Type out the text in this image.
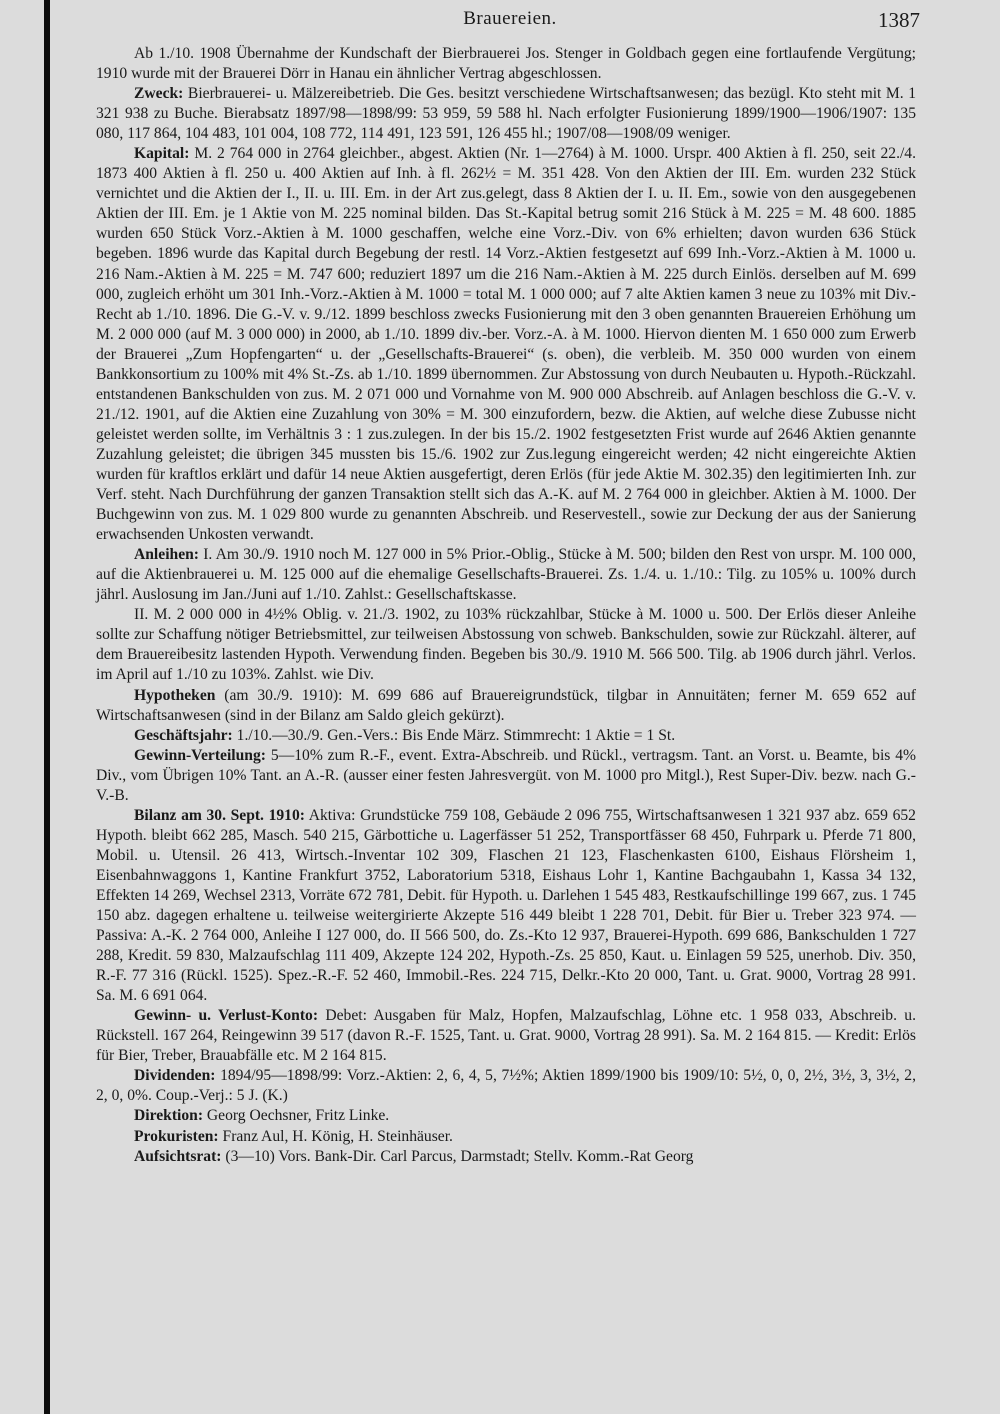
Brauereien.	1387

Ab 1./10. 1908 Übernahme der Kundschaft der Bierbrauerei Jos. Stenger in Goldbach gegen eine fortlaufende Vergütung; 1910 wurde mit der Brauerei Dörr in Hanau ein ähnlicher Vertrag abgeschlossen.

Zweck: Bierbrauerei- u. Mälzereibetrieb. Die Ges. besitzt verschiedene Wirtschaftsanwesen; das bezügl. Kto steht mit M. 1 321 938 zu Buche. Bierabsatz 1897/98—1898/99: 53 959, 59 588 hl. Nach erfolgter Fusionierung 1899/1900—1906/1907: 135 080, 117 864, 104 483, 101 004, 108 772, 114 491, 123 591, 126 455 hl.; 1907/08—1908/09 weniger.

Kapital: M. 2 764 000 in 2764 gleichber., abgest. Aktien (Nr. 1—2764) à M. 1000. Urspr. 400 Aktien à fl. 250, seit 22./4. 1873 400 Aktien à fl. 250 u. 400 Aktien auf Inh. à fl. 262½ = M. 351 428. Von den Aktien der III. Em. wurden 232 Stück vernichtet und die Aktien der I., II. u. III. Em. in der Art zus.gelegt, dass 8 Aktien der I. u. II. Em., sowie von den ausgegebenen Aktien der III. Em. je 1 Aktie von M. 225 nominal bilden. Das St.-Kapital betrug somit 216 Stück à M. 225 = M. 48 600. 1885 wurden 650 Stück Vorz.-Aktien à M. 1000 geschaffen, welche eine Vorz.-Div. von 6% erhielten; davon wurden 636 Stück begeben. 1896 wurde das Kapital durch Begebung der restl. 14 Vorz.-Aktien festgesetzt auf 699 Inh.-Vorz.-Aktien à M. 1000 u. 216 Nam.-Aktien à M. 225 = M. 747 600; reduziert 1897 um die 216 Nam.-Aktien à M. 225 durch Einlös. derselben auf M. 699 000, zugleich erhöht um 301 Inh.-Vorz.-Aktien à M. 1000 = total M. 1 000 000; auf 7 alte Aktien kamen 3 neue zu 103% mit Div.-Recht ab 1./10. 1896. Die G.-V. v. 9./12. 1899 beschloss zwecks Fusionierung mit den 3 oben genannten Brauereien Erhöhung um M. 2 000 000 (auf M. 3 000 000) in 2000, ab 1./10. 1899 div.-ber. Vorz.-A. à M. 1000. Hiervon dienten M. 1 650 000 zum Erwerb der Brauerei „Zum Hopfengarten“ u. der „Gesellschafts-Brauerei“ (s. oben), die verbleib. M. 350 000 wurden von einem Bankkonsortium zu 100% mit 4% St.-Zs. ab 1./10. 1899 übernommen. Zur Abstossung von durch Neubauten u. Hypoth.-Rückzahl. entstandenen Bankschulden von zus. M. 2 071 000 und Vornahme von M. 900 000 Abschreib. auf Anlagen beschloss die G.-V. v. 21./12. 1901, auf die Aktien eine Zuzahlung von 30% = M. 300 einzufordern, bezw. die Aktien, auf welche diese Zubusse nicht geleistet werden sollte, im Verhältnis 3 : 1 zus.zulegen. In der bis 15./2. 1902 festgesetzten Frist wurde auf 2646 Aktien genannte Zuzahlung geleistet; die übrigen 345 mussten bis 15./6. 1902 zur Zus.legung eingereicht werden; 42 nicht eingereichte Aktien wurden für kraftlos erklärt und dafür 14 neue Aktien ausgefertigt, deren Erlös (für jede Aktie M. 302.35) den legitimierten Inh. zur Verf. steht. Nach Durchführung der ganzen Transaktion stellt sich das A.-K. auf M. 2 764 000 in gleichber. Aktien à M. 1000. Der Buchgewinn von zus. M. 1 029 800 wurde zu genannten Abschreib. und Reservestell., sowie zur Deckung der aus der Sanierung erwachsenden Unkosten verwandt.

Anleihen: I. Am 30./9. 1910 noch M. 127 000 in 5% Prior.-Oblig., Stücke à M. 500; bilden den Rest von urspr. M. 100 000, auf die Aktienbrauerei u. M. 125 000 auf die ehemalige Gesellschafts-Brauerei. Zs. 1./4. u. 1./10.: Tilg. zu 105% u. 100% durch jährl. Auslosung im Jan./Juni auf 1./10. Zahlst.: Gesellschaftskasse.

II. M. 2 000 000 in 4½% Oblig. v. 21./3. 1902, zu 103% rückzahlbar, Stücke à M. 1000 u. 500. Der Erlös dieser Anleihe sollte zur Schaffung nötiger Betriebsmittel, zur teilweisen Abstossung von schweb. Bankschulden, sowie zur Rückzahl. älterer, auf dem Brauereibesitz lastenden Hypoth. Verwendung finden. Begeben bis 30./9. 1910 M. 566 500. Tilg. ab 1906 durch jährl. Verlos. im April auf 1./10 zu 103%. Zahlst. wie Div.

Hypotheken (am 30./9. 1910): M. 699 686 auf Brauereigrundstück, tilgbar in Annuitäten; ferner M. 659 652 auf Wirtschaftsanwesen (sind in der Bilanz am Saldo gleich gekürzt).

Geschäftsjahr: 1./10.—30./9. Gen.-Vers.: Bis Ende März. Stimmrecht: 1 Aktie = 1 St.

Gewinn-Verteilung: 5—10% zum R.-F., event. Extra-Abschreib. und Rückl., vertragsm. Tant. an Vorst. u. Beamte, bis 4% Div., vom Übrigen 10% Tant. an A.-R. (ausser einer festen Jahresvergüt. von M. 1000 pro Mitgl.), Rest Super-Div. bezw. nach G.-V.-B.

Bilanz am 30. Sept. 1910: Aktiva: Grundstücke 759 108, Gebäude 2 096 755, Wirtschaftsanwesen 1 321 937 abz. 659 652 Hypoth. bleibt 662 285, Masch. 540 215, Gärbottiche u. Lagerfässer 51 252, Transportfässer 68 450, Fuhrpark u. Pferde 71 800, Mobil. u. Utensil. 26 413, Wirtsch.-Inventar 102 309, Flaschen 21 123, Flaschenkasten 6100, Eishaus Flörsheim 1, Eisenbahnwaggons 1, Kantine Frankfurt 3752, Laboratorium 5318, Eishaus Lohr 1, Kantine Bachgaubahn 1, Kassa 34 132, Effekten 14 269, Wechsel 2313, Vorräte 672 781, Debit. für Hypoth. u. Darlehen 1 545 483, Restkaufschillinge 199 667, zus. 1 745 150 abz. dagegen erhaltene u. teilweise weitergirierte Akzepte 516 449 bleibt 1 228 701, Debit. für Bier u. Treber 323 974. — Passiva: A.-K. 2 764 000, Anleihe I 127 000, do. II 566 500, do. Zs.-Kto 12 937, Brauerei-Hypoth. 699 686, Bankschulden 1 727 288, Kredit. 59 830, Malzaufschlag 111 409, Akzepte 124 202, Hypoth.-Zs. 25 850, Kaut. u. Einlagen 59 525, unerhob. Div. 350, R.-F. 77 316 (Rückl. 1525). Spez.-R.-F. 52 460, Immobil.-Res. 224 715, Delkr.-Kto 20 000, Tant. u. Grat. 9000, Vortrag 28 991. Sa. M. 6 691 064.

Gewinn- u. Verlust-Konto: Debet: Ausgaben für Malz, Hopfen, Malzaufschlag, Löhne etc. 1 958 033, Abschreib. u. Rückstell. 167 264, Reingewinn 39 517 (davon R.-F. 1525, Tant. u. Grat. 9000, Vortrag 28 991). Sa. M. 2 164 815. — Kredit: Erlös für Bier, Treber, Brauabfälle etc. M 2 164 815.

Dividenden: 1894/95—1898/99: Vorz.-Aktien: 2, 6, 4, 5, 7½%; Aktien 1899/1900 bis 1909/10: 5½, 0, 0, 2½, 3½, 3, 3½, 2, 2, 0, 0%. Coup.-Verj.: 5 J. (K.)

Direktion: Georg Oechsner, Fritz Linke.

Prokuristen: Franz Aul, H. König, H. Steinhäuser.

Aufsichtsrat: (3—10) Vors. Bank-Dir. Carl Parcus, Darmstadt; Stellv. Komm.-Rat Georg
